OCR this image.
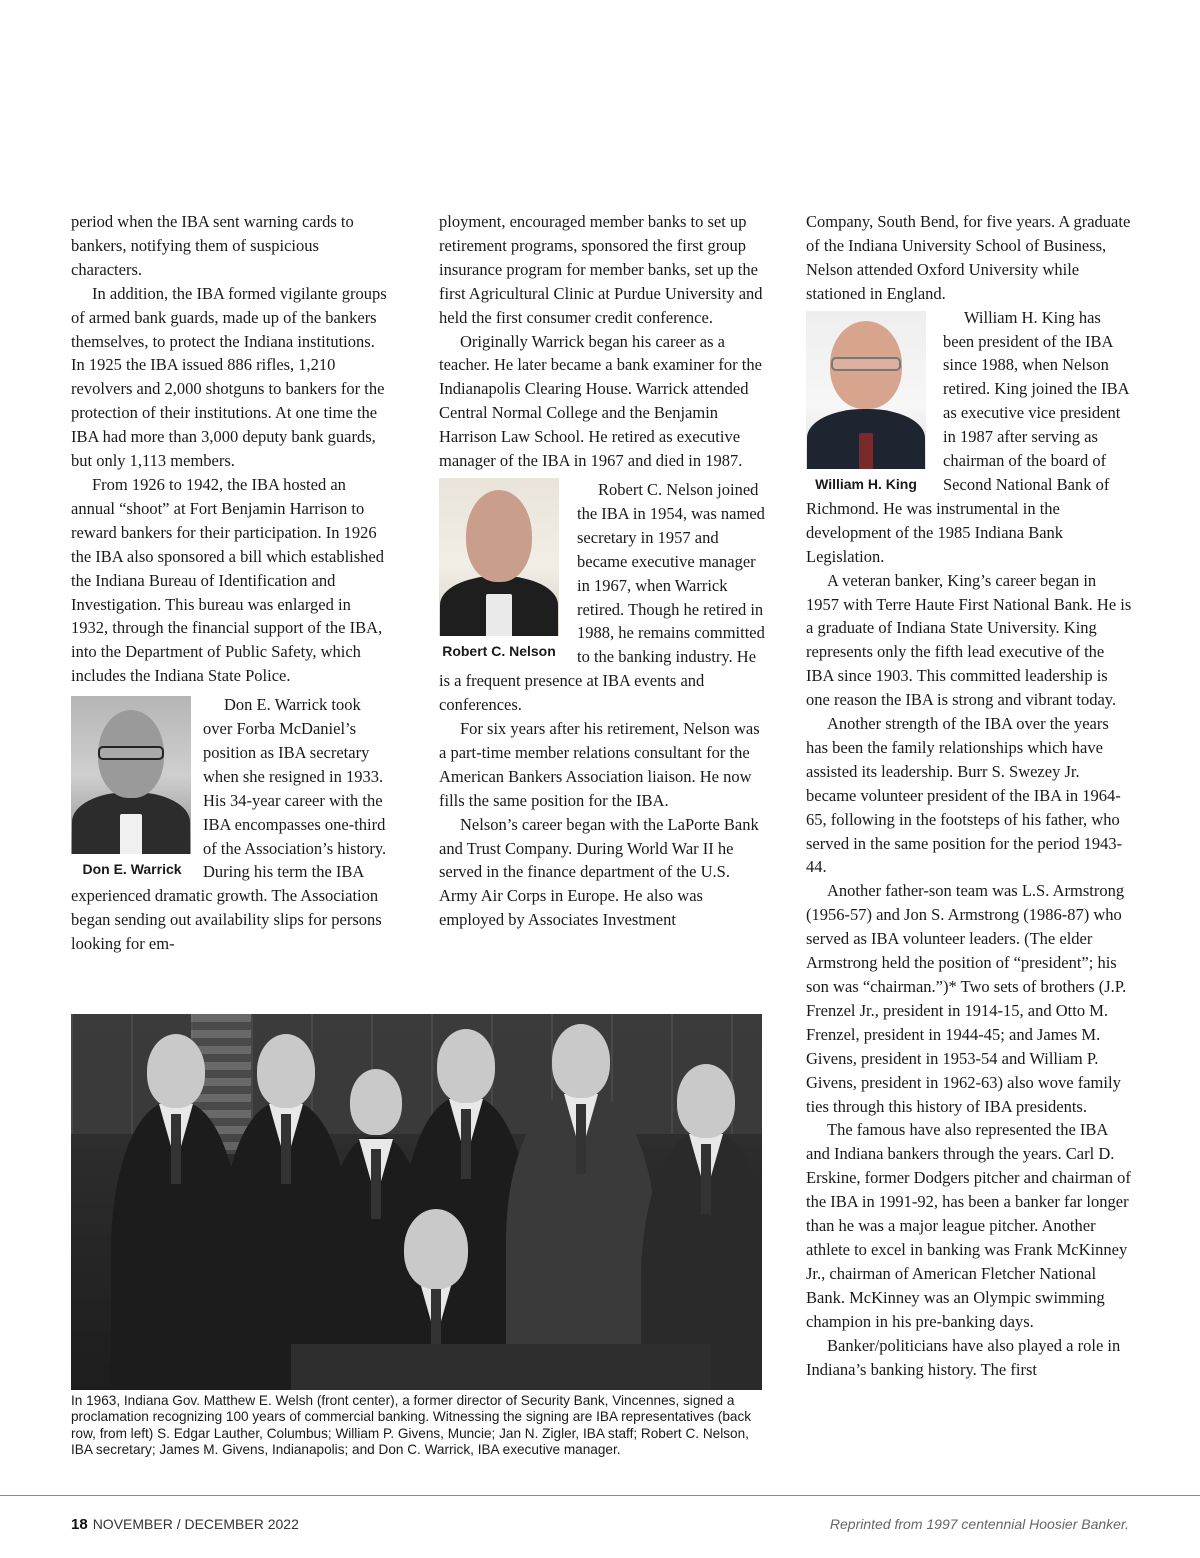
period when the IBA sent warning cards to bankers, notifying them of suspicious characters.

In addition, the IBA formed vigilante groups of armed bank guards, made up of the bankers themselves, to protect the Indiana institutions. In 1925 the IBA issued 886 rifles, 1,210 revolvers and 2,000 shotguns to bankers for the protection of their institutions. At one time the IBA had more than 3,000 deputy bank guards, but only 1,113 members.

From 1926 to 1942, the IBA hosted an annual “shoot” at Fort Benjamin Harrison to reward bankers for their participation. In 1926 the IBA also sponsored a bill which established the Indiana Bureau of Identification and Investigation. This bureau was enlarged in 1932, through the financial support of the IBA, into the Department of Public Safety, which includes the Indiana State Police.

Don E. Warrick

Don E. Warrick took over Forba McDaniel’s position as IBA secretary when she resigned in 1933. His 34-year career with the IBA encompasses one-third of the Association’s history. During his term the IBA experienced dramatic growth. The Association began sending out availability slips for persons looking for em-

ployment, encouraged member banks to set up retirement programs, sponsored the first group insurance program for member banks, set up the first Agricultural Clinic at Purdue University and held the first consumer credit conference.

Originally Warrick began his career as a teacher. He later became a bank examiner for the Indianapolis Clearing House. Warrick attended Central Normal College and the Benjamin Harrison Law School. He retired as executive manager of the IBA in 1967 and died in 1987.

Robert C. Nelson

Robert C. Nelson joined the IBA in 1954, was named secretary in 1957 and became executive manager in 1967, when Warrick retired. Though he retired in 1988, he remains committed to the banking industry. He is a frequent presence at IBA events and conferences.

For six years after his retirement, Nelson was a part-time member relations consultant for the American Bankers Association liaison. He now fills the same position for the IBA.

Nelson’s career began with the LaPorte Bank and Trust Company. During World War II he served in the finance department of the U.S. Army Air Corps in Europe. He also was employed by Associates Investment

Company, South Bend, for five years. A graduate of the Indiana University School of Business, Nelson attended Oxford University while stationed in England.

William H. King

William H. King has been president of the IBA since 1988, when Nelson retired. King joined the IBA as executive vice president in 1987 after serving as chairman of the board of Second National Bank of Richmond. He was instrumental in the development of the 1985 Indiana Bank Legislation.

A veteran banker, King’s career began in 1957 with Terre Haute First National Bank. He is a graduate of Indiana State University. King represents only the fifth lead executive of the IBA since 1903. This committed leadership is one reason the IBA is strong and vibrant today.

Another strength of the IBA over the years has been the family relationships which have assisted its leadership. Burr S. Swezey Jr. became volunteer president of the IBA in 1964-65, following in the footsteps of his father, who served in the same position for the period 1943-44.

Another father-son team was L.S. Armstrong (1956-57) and Jon S. Armstrong (1986-87) who served as IBA volunteer leaders. (The elder Armstrong held the position of “president”; his son was “chairman.”)* Two sets of brothers (J.P. Frenzel Jr., president in 1914-15, and Otto M. Frenzel, president in 1944-45; and James M. Givens, president in 1953-54 and William P. Givens, president in 1962-63) also wove family ties through this history of IBA presidents.

The famous have also represented the IBA and Indiana bankers through the years. Carl D. Erskine, former Dodgers pitcher and chairman of the IBA in 1991-92, has been a banker far longer than he was a major league pitcher. Another athlete to excel in banking was Frank McKinney Jr., chairman of American Fletcher National Bank. McKinney was an Olympic swimming champion in his pre-banking days.

Banker/politicians have also played a role in Indiana’s banking history. The first

In 1963, Indiana Gov. Matthew E. Welsh (front center), a former director of Security Bank, Vincennes, signed a proclamation recognizing 100 years of commercial banking. Witnessing the signing are IBA representatives (back row, from left) S. Edgar Lauther, Columbus; William P. Givens, Muncie; Jan N. Zigler, IBA staff; Robert C. Nelson, IBA secretary; James M. Givens, Indianapolis; and Don C. Warrick, IBA executive manager.
18 NOVEMBER / DECEMBER 2022	Reprinted from 1997 centennial Hoosier Banker.
